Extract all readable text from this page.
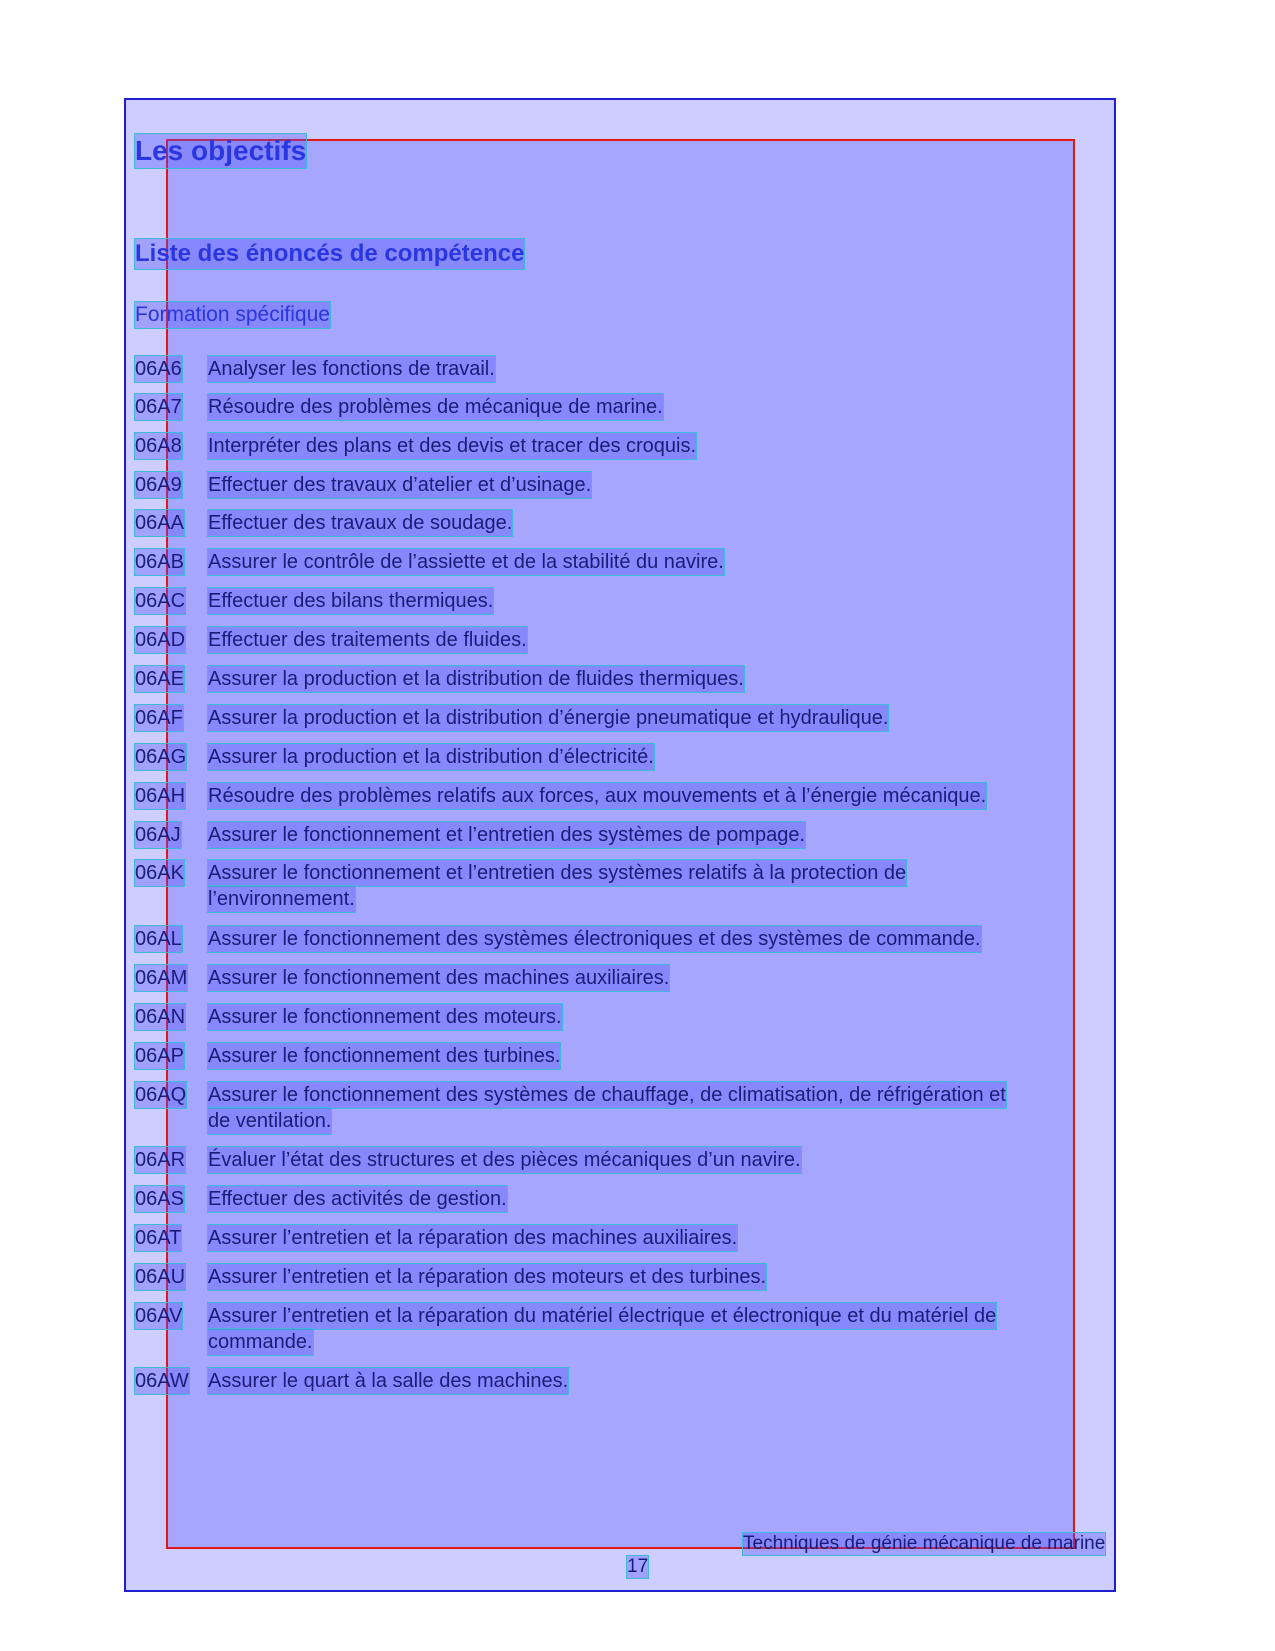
Les objectifs
Liste des énoncés de compétence
Formation spécifique
06A6 Analyser les fonctions de travail.
06A7 Résoudre des problèmes de mécanique de marine.
06A8 Interpréter des plans et des devis et tracer des croquis.
06A9 Effectuer des travaux d’atelier et d’usinage.
06AA Effectuer des travaux de soudage.
06AB Assurer le contrôle de l’assiette et de la stabilité du navire.
06AC Effectuer des bilans thermiques.
06AD Effectuer des traitements de fluides.
06AE Assurer la production et la distribution de fluides thermiques.
06AF Assurer la production et la distribution d’énergie pneumatique et hydraulique.
06AG Assurer la production et la distribution d’électricité.
06AH Résoudre des problèmes relatifs aux forces, aux mouvements et à l’énergie mécanique.
06AJ Assurer le fonctionnement et l’entretien des systèmes de pompage.
06AK Assurer le fonctionnement et l’entretien des systèmes relatifs à la protection de
l’environnement.
06AL Assurer le fonctionnement des systèmes électroniques et des systèmes de commande.
06AM Assurer le fonctionnement des machines auxiliaires.
06AN Assurer le fonctionnement des moteurs.
06AP Assurer le fonctionnement des turbines.
06AQ Assurer le fonctionnement des systèmes de chauffage, de climatisation, de réfrigération et
de ventilation.
06AR Évaluer l’état des structures et des pièces mécaniques d’un navire.
06AS Effectuer des activités de gestion.
06AT Assurer l’entretien et la réparation des machines auxiliaires.
06AU Assurer l’entretien et la réparation des moteurs et des turbines.
06AV Assurer l’entretien et la réparation du matériel électrique et électronique et du matériel de
commande.
06AW Assurer le quart à la salle des machines.
Techniques de génie mécanique de marine
17
